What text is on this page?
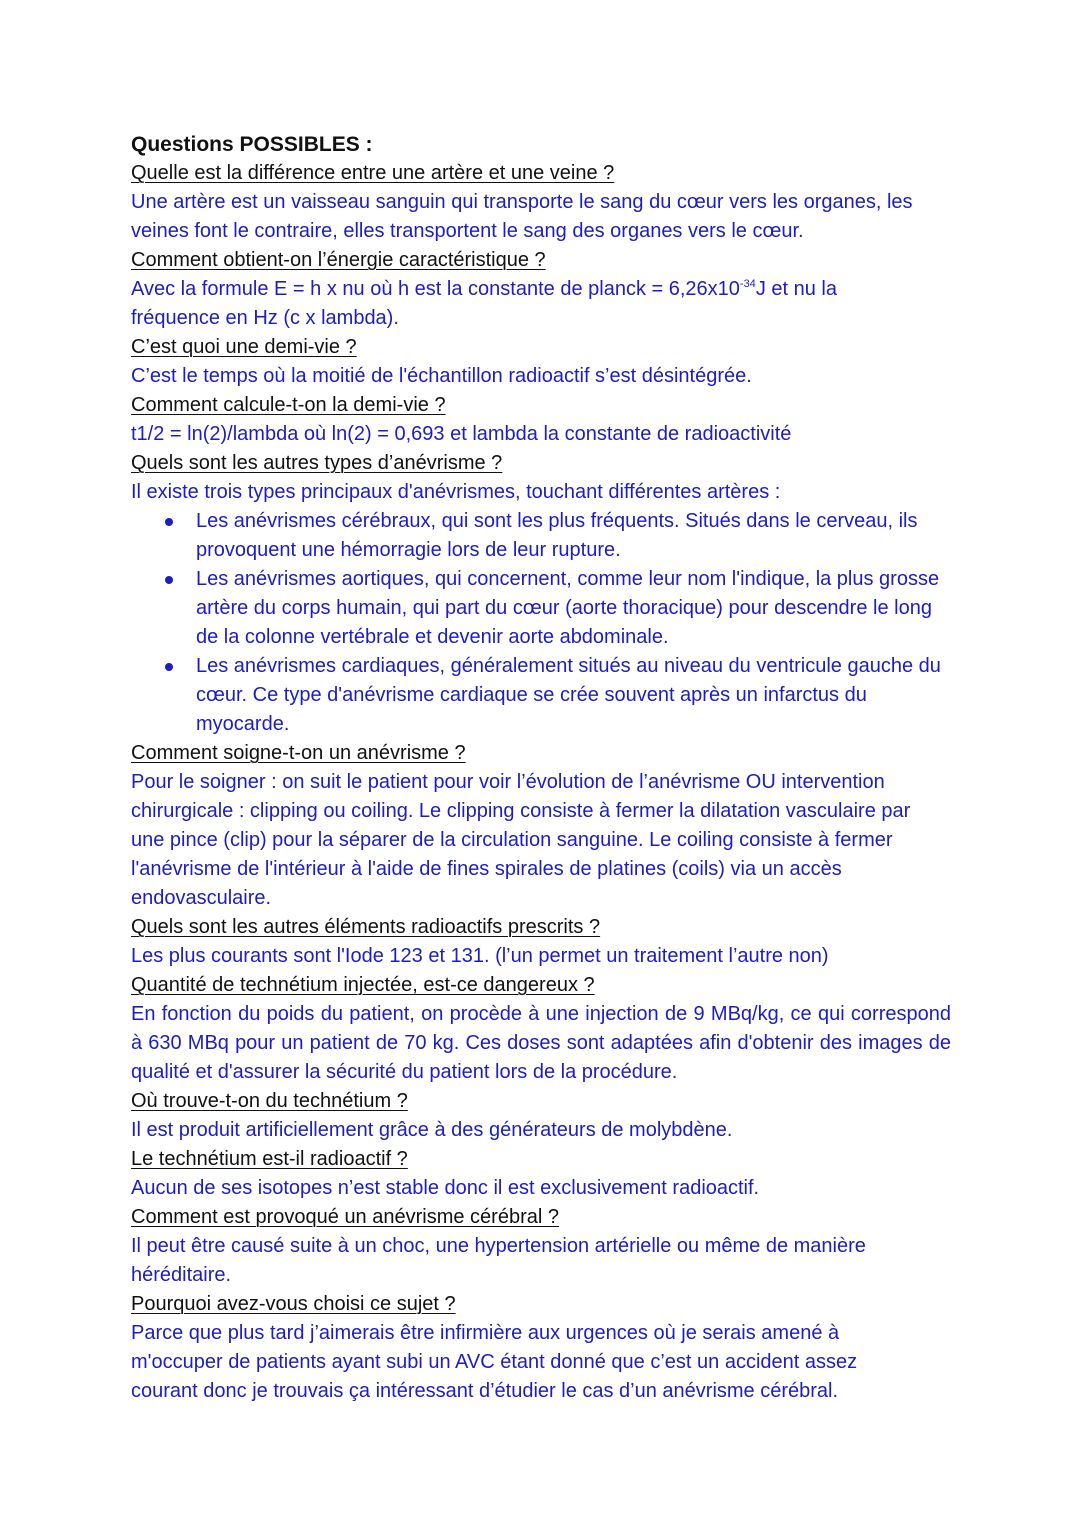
Questions POSSIBLES :

Quelle est la différence entre une artère et une veine ?

Une artère est un vaisseau sanguin qui transporte le sang du cœur vers les organes, les veines font le contraire, elles transportent le sang des organes vers le cœur.

Comment obtient-on l’énergie caractéristique ?

Avec la formule E = h x nu où h est la constante de planck = $6,26x10^{-34}J$ et nu la fréquence en Hz (c x lambda).

C’est quoi une demi-vie ?

C’est le temps où la moitié de l'échantillon radioactif s’est désintégrée.

Comment calcule-t-on la demi-vie ?

t1/2 = ln(2)/lambda où ln(2) = 0,693 et lambda la constante de radioactivité

Quels sont les autres types d’anévrisme ?

Il existe trois types principaux d'anévrismes, touchant différentes artères :

Les anévrismes cérébraux, qui sont les plus fréquents. Situés dans le cerveau, ils provoquent une hémorragie lors de leur rupture.
Les anévrismes aortiques, qui concernent, comme leur nom l'indique, la plus grosse artère du corps humain, qui part du cœur (aorte thoracique) pour descendre le long de la colonne vertébrale et devenir aorte abdominale.
Les anévrismes cardiaques, généralement situés au niveau du ventricule gauche du cœur. Ce type d'anévrisme cardiaque se crée souvent après un infarctus du myocarde.

Comment soigne-t-on un anévrisme ?

Pour le soigner : on suit le patient pour voir l’évolution de l’anévrisme OU intervention chirurgicale : clipping ou coiling. Le clipping consiste à fermer la dilatation vasculaire par une pince (clip) pour la séparer de la circulation sanguine. Le coiling consiste à fermer l'anévrisme de l'intérieur à l'aide de fines spirales de platines (coils) via un accès endovasculaire.

Quels sont les autres éléments radioactifs prescrits ?

Les plus courants sont l'Iode 123 et 131. (l’un permet un traitement l’autre non)

Quantité de technétium injectée, est-ce dangereux ?

En fonction du poids du patient, on procède à une injection de 9 MBq/kg, ce qui correspond à 630 MBq pour un patient de 70 kg. Ces doses sont adaptées afin d'obtenir des images de qualité et d'assurer la sécurité du patient lors de la procédure.

Où trouve-t-on du technétium ?

Il est produit artificiellement grâce à des générateurs de molybdène.

Le technétium est-il radioactif ?

Aucun de ses isotopes n’est stable donc il est exclusivement radioactif.

Comment est provoqué un anévrisme cérébral ?

Il peut être causé suite à un choc, une hypertension artérielle ou même de manière héréditaire.

Pourquoi avez-vous choisi ce sujet ?

Parce que plus tard j’aimerais être infirmière aux urgences où je serais amené à m'occuper de patients ayant subi un AVC étant donné que c’est un accident assez courant donc je trouvais ça intéressant d’étudier le cas d’un anévrisme cérébral.
